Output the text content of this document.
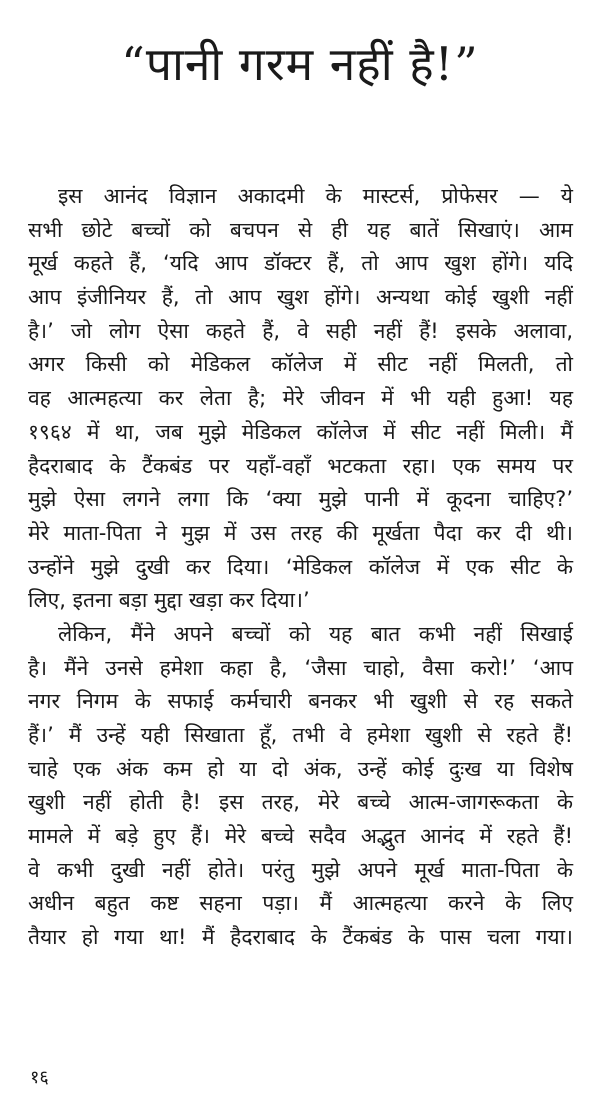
“पानी गरम नहीं है!”
इस आनंद विज्ञान अकादमी के मास्टर्स, प्रोफेसर — ये
सभी छोटे बच्चों को बचपन से ही यह बातें सिखाएं। आम
मूर्ख कहते हैं, ‘यदि आप डॉक्टर हैं, तो आप खुश होंगे। यदि
आप इंजीनियर हैं, तो आप खुश होंगे। अन्यथा कोई खुशी नहीं
है।’ जो लोग ऐसा कहते हैं, वे सही नहीं हैं! इसके अलावा,
अगर किसी को मेडिकल कॉलेज में सीट नहीं मिलती, तो
वह आत्महत्या कर लेता है; मेरे जीवन में भी यही हुआ! यह
१९६४ में था, जब मुझे मेडिकल कॉलेज में सीट नहीं मिली। मैं
हैदराबाद के टैंकबंड पर यहाँ-वहाँ भटकता रहा। एक समय पर
मुझे ऐसा लगने लगा कि ‘क्या मुझे पानी में कूदना चाहिए?’
मेरे माता-पिता ने मुझ में उस तरह की मूर्खता पैदा कर दी थी।
उन्होंने मुझे दुखी कर दिया। ‘मेडिकल कॉलेज में एक सीट के
लिए, इतना बड़ा मुद्दा खड़ा कर दिया।’
लेकिन, मैंने अपने बच्चों को यह बात कभी नहीं सिखाई
है। मैंने उनसे हमेशा कहा है, ‘जैसा चाहो, वैसा करो!’ ‘आप
नगर निगम के सफाई कर्मचारी बनकर भी खुशी से रह सकते
हैं।’ मैं उन्हें यही सिखाता हूँ, तभी वे हमेशा खुशी से रहते हैं!
चाहे एक अंक कम हो या दो अंक, उन्हें कोई दुःख या विशेष
खुशी नहीं होती है! इस तरह, मेरे बच्चे आत्म-जागरूकता के
मामले में बड़े हुए हैं। मेरे बच्चे सदैव अद्भुत आनंद में रहते हैं!
वे कभी दुखी नहीं होते। परंतु मुझे अपने मूर्ख माता-पिता के
अधीन बहुत कष्ट सहना पड़ा। मैं आत्महत्या करने के लिए
तैयार हो गया था! मैं हैदराबाद के टैंकबंड के पास चला गया।
१६
